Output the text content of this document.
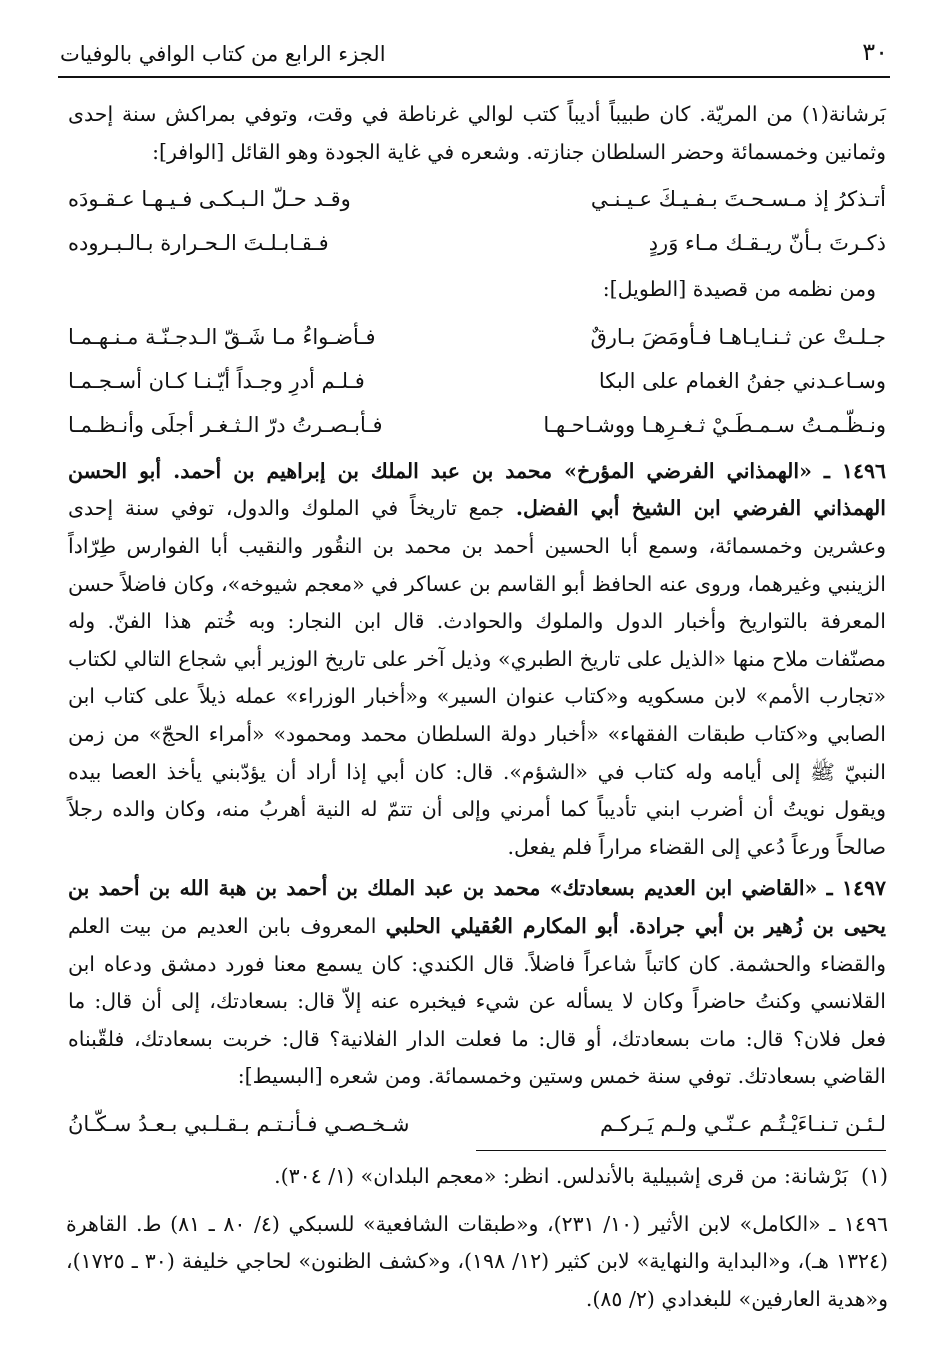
٣٠
الجزء الرابع من كتاب الوافي بالوفيات

بَرشانة(١) من المريّة. كان طبيباً أديباً كتب لوالي غرناطة في وقت، وتوفي بمراكش سنة إحدى وثمانين وخمسمائة وحضر السلطان جنازته. وشعره في غاية الجودة وهو القائل [الوافر]:

أتـذكرُ إذ مـسـحـتَ بـفـيـكَ عـيـنـي
وقـد حـلّ الـبـكـى فـيـهـا عـقـودَه
ذكـرتَ بـأنّ ريـقـك مـاء وَردٍ
فـقـابـلـتَ الـحـرارة بـالـبـروده

ومن نظمه من قصيدة [الطويل]:

جـلـتْ عن ثـنـايـاهـا فـأومَضَ بـارقٌ
فـأضـواءُ مـا شَـقّ الـدجـنّـة مـنـهـمـا
وسـاعـدني جفنُ الغمام على البكا
فـلـم أدرِ وجـداً أيّـنـا كـان أسـجـمـا
ونـظّـمـتُ سـمـطَـيْ ثـغـرِهـا ووشـاحـهـا
فـأبـصـرتُ درّ الـثـغـر أجلَى وأنـظـمـا

١٤٩٦ ـ «الهمذاني الفرضي المؤرخ» محمد بن عبد الملك بن إبراهيم بن أحمد. أبو الحسن الهمذاني الفرضي ابن الشيخ أبي الفضل. جمع تاريخاً في الملوك والدول، توفي سنة إحدى وعشرين وخمسمائة، وسمع أبا الحسين أحمد بن محمد بن النقُور والنقيب أبا الفوارس طِرّاداً الزينبي وغيرهما، وروى عنه الحافظ أبو القاسم بن عساكر في «معجم شيوخه»، وكان فاضلاً حسن المعرفة بالتواريخ وأخبار الدول والملوك والحوادث. قال ابن النجار: وبه خُتم هذا الفنّ. وله مصنّفات ملاح منها «الذيل على تاريخ الطبري» وذيل آخر على تاريخ الوزير أبي شجاع التالي لكتاب «تجارب الأمم» لابن مسكويه و«كتاب عنوان السير» و«أخبار الوزراء» عمله ذيلاً على كتاب ابن الصابي و«كتاب طبقات الفقهاء» «أخبار دولة السلطان محمد ومحمود» «أمراء الحجّ» من زمن النبيّ ﷺ إلى أيامه وله كتاب في «الشؤم». قال: كان أبي إذا أراد أن يؤدّبني يأخذ العصا بيده ويقول نويتُ أن أضرب ابني تأديباً كما أمرني وإلى أن تتمّ له النية أهربُ منه، وكان والده رجلاً صالحاً ورعاً دُعي إلى القضاء مراراً فلم يفعل.

١٤٩٧ ـ «القاضي ابن العديم بسعادتك» محمد بن عبد الملك بن أحمد بن هبة الله بن أحمد بن يحيى بن زُهير بن أبي جرادة. أبو المكارم العُقيلي الحلبي المعروف بابن العديم من بيت العلم والقضاء والحشمة. كان كاتباً شاعراً فاضلاً. قال الكندي: كان يسمع معنا فورد دمشق ودعاه ابن القلانسي وكنتُ حاضراً وكان لا يسأله عن شيء فيخبره عنه إلاّ قال: بسعادتك، إلى أن قال: ما فعل فلان؟ قال: مات بسعادتك، أو قال: ما فعلت الدار الفلانية؟ قال: خربت بسعادتك، فلقّبناه القاضي بسعادتك. توفي سنة خمس وستين وخمسمائة. ومن شعره [البسيط]:

لـئـن تـنـاءَيْـتُـم عـنّـي ولـم يَـركـم
شـخـصـي فـأنـتـم بـقـلـبي بـعـدُ سـكّـانُ

(١)بَرْشانة: من قرى إشبيلية بالأندلس. انظر: «معجم البلدان» (١/ ٣٠٤).

١٤٩٦ ـ «الكامل» لابن الأثير (١٠/ ٢٣١)، و«طبقات الشافعية» للسبكي (٤/ ٨٠ ـ ٨١) ط. القاهرة (١٣٢٤ هـ)، و«البداية والنهاية» لابن كثير (١٢/ ١٩٨)، و«كشف الظنون» لحاجي خليفة (٣٠ ـ ١٧٢٥)، و«هدية العارفين» للبغدادي (٢/ ٨٥).
